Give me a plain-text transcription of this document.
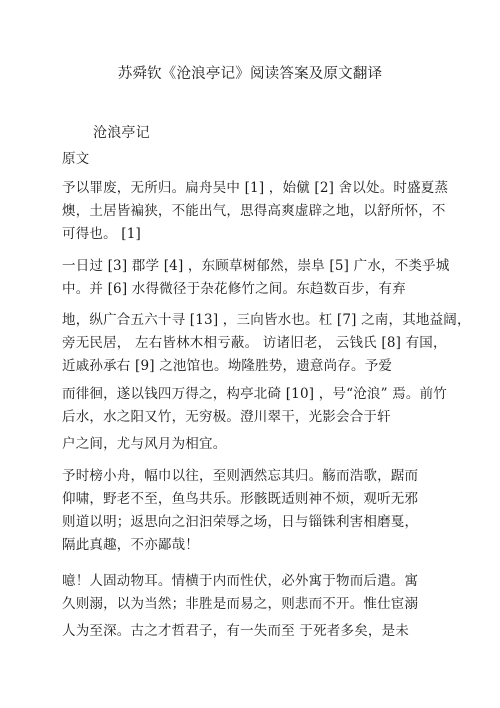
苏舜钦《沧浪亭记》阅读答案及原文翻译
沧浪亭记
原文
予以罪废，无所归。扁舟吴中 [1] ，始僦 [2] 舍以处。时盛夏蒸
燠，土居皆褊狭，不能出气，思得高爽虚辟之地，以舒所怀，不
可得也。 [1]
一日过 [3] 郡学 [4] ，东顾草树郁然，崇阜 [5] 广水，不类乎城
中。并 [6] 水得微径于杂花修竹之间。东趋数百步，有弃
地，纵广合五六十寻 [13] ，三向皆水也。杠 [7] 之南，其地益阔，
旁无民居， 左右皆林木相亏蔽。 访诸旧老， 云钱氏 [8] 有国，
近戚孙承右 [9] 之池馆也。坳隆胜势，遗意尚存。予爱
而徘徊，遂以钱四万得之，构亭北碕 [10] ，号“沧浪” 焉。前竹
后水，水之阳又竹，无穷极。澄川翠干，光影会合于轩
户之间，尤与风月为相宜。
予时榜小舟，幅巾以往，至则洒然忘其归。觞而浩歌，踞而
仰啸，野老不至，鱼鸟共乐。形骸既适则神不烦，观听无邪
则道以明；返思向之汩汩荣辱之场，日与锱铢利害相磨戛，
隔此真趣，不亦鄙哉！
噫！人固动物耳。情横于内而性伏，必外寓于物而后遣。寓
久则溺，以为当然；非胜是而易之，则悲而不开。惟仕宦溺
人为至深。古之才哲君子，有一失而至 于死者多矣，是未
